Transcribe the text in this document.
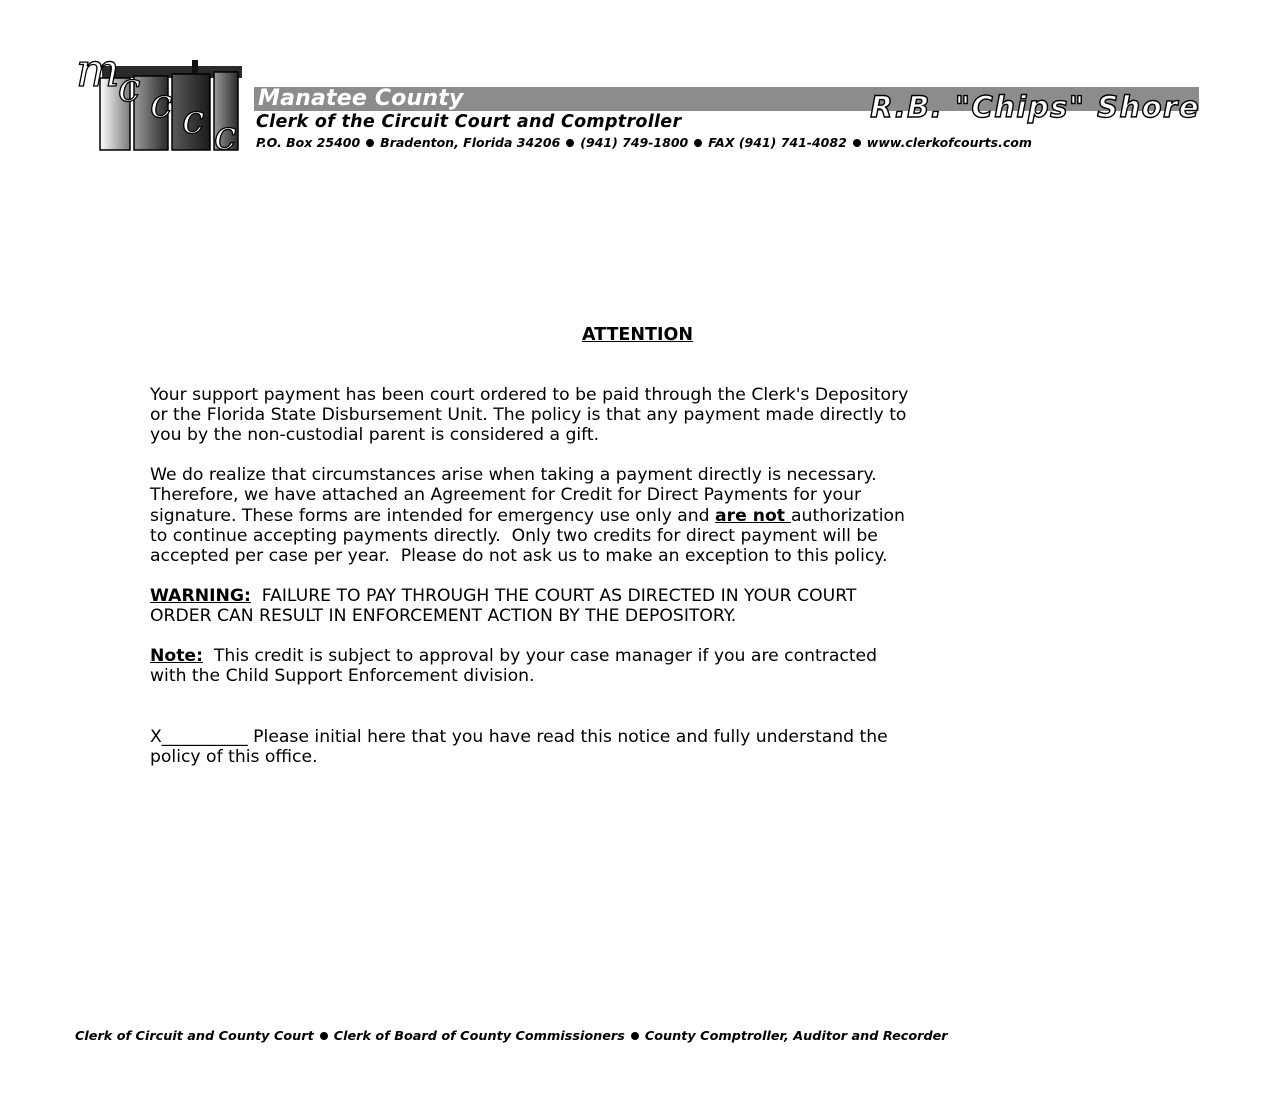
m
c c c c
Manatee County	R.B. "Chips" Shore
Clerk of the Circuit Court and Comptroller
P.O. Box 25400 Bradenton, Florida 34206 (941) 749-1800 FAX (941) 741-4082 www.clerkofcourts.com
ATTENTION
Your support payment has been court ordered to be paid through the Clerk's Depository
or the Florida State Disbursement Unit. The policy is that any payment made directly to
you by the non-custodial parent is considered a gift.
We do realize that circumstances arise when taking a payment directly is necessary.
Therefore, we have attached an Agreement for Credit for Direct Payments for your
signature. These forms are intended for emergency use only and are not authorization
to continue accepting payments directly.  Only two credits for direct payment will be
accepted per case per year.  Please do not ask us to make an exception to this policy.
WARNING:  FAILURE TO PAY THROUGH THE COURT AS DIRECTED IN YOUR COURT
ORDER CAN RESULT IN ENFORCEMENT ACTION BY THE DEPOSITORY.
Note:  This credit is subject to approval by your case manager if you are contracted
with the Child Support Enforcement division.
X__________ Please initial here that you have read this notice and fully understand the
policy of this office.
Clerk of Circuit and County Court Clerk of Board of County Commissioners County Comptroller, Auditor and Recorder
